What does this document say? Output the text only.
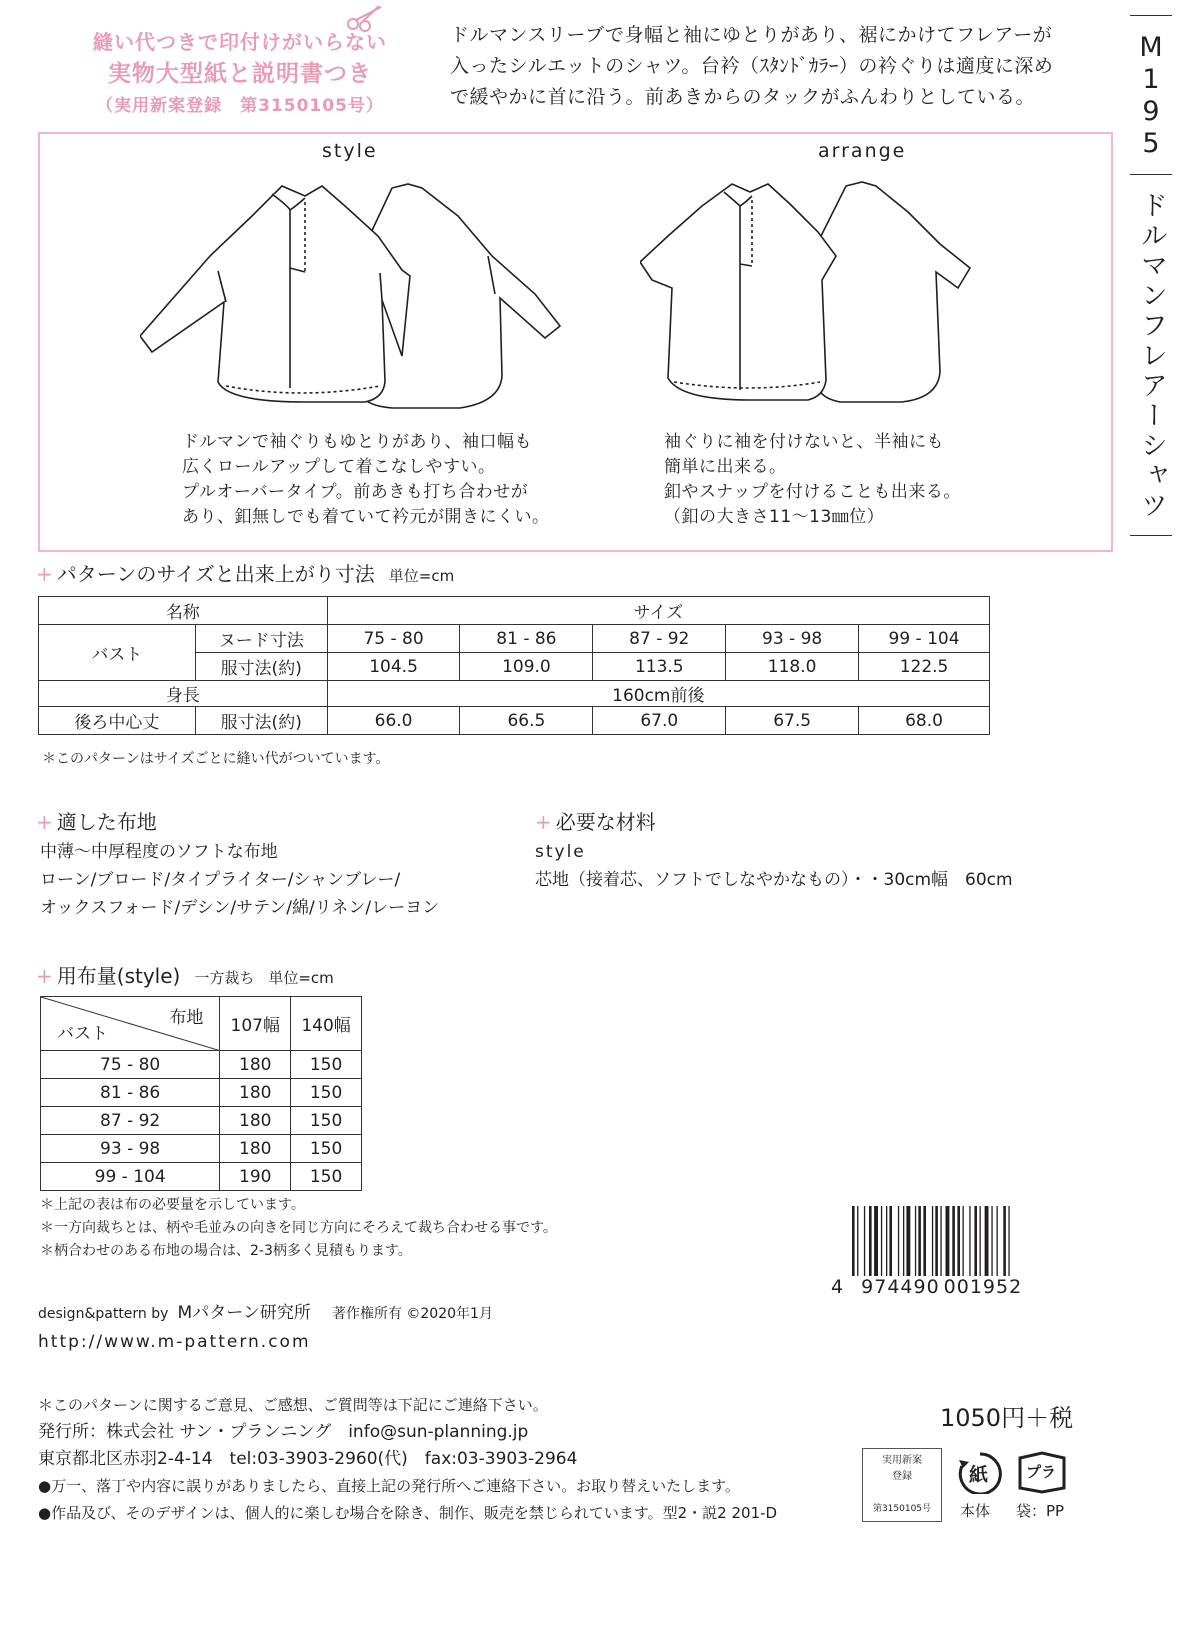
縫い代つきで印付けがいらない
実物大型紙と説明書つき
（実用新案登録　第3150105号）
ドルマンスリーブで身幅と袖にゆとりがあり、裾にかけてフレアーが
入ったシルエットのシャツ。台衿（ｽﾀﾝﾄﾞｶﾗｰ）の衿ぐりは適度に深め
で緩やかに首に沿う。前あきからのタックがふんわりとしている。
M
1
9
5
ドルマンフレアーシャツ
style	arrange
ドルマンで袖ぐりもゆとりがあり、袖口幅も
広くロールアップして着こなしやすい。
プルオーバータイプ。前あきも打ち合わせが
あり、釦無しでも着ていて衿元が開きにくい。
袖ぐりに袖を付けないと、半袖にも
簡単に出来る。
釦やスナップを付けることも出来る。
（釦の大きさ11～13㎜位）
+ パターンのサイズと出来上がり寸法 単位=cm
名称		サイズ				
バスト	ヌード寸法	75 - 80	81 - 86	87 - 92	93 - 98	99 - 104
	服寸法(約)	104.5	109.0	113.5	118.0	122.5
身長		160cm前後				
後ろ中心丈	服寸法(約)	66.0	66.5	67.0	67.5	68.0
＊このパターンはサイズごとに縫い代がついています。
+ 適した布地
中薄～中厚程度のソフトな布地
ローン/ブロード/タイプライター/シャンブレー/
オックスフォード/デシン/サテン/綿/リネン/レーヨン
+ 必要な材料
style
芯地（接着芯、ソフトでしなやかなもの）・・30cm幅　60cm
+ 用布量(style) 一方裁ち 単位=cm
布地
バスト	107幅	140幅
75 - 80	180	150
81 - 86	180	150
87 - 92	180	150
93 - 98	180	150
99 - 104	190	150
＊上記の表は布の必要量を示しています。
＊一方向裁ちとは、柄や毛並みの向きを同じ方向にそろえて裁ち合わせる事です。
＊柄合わせのある布地の場合は、2-3柄多く見積もります。
design&pattern by Mパターン研究所 著作権所有 ©2020年1月
http://www.m-pattern.com
4 974490 001952
1050円＋税
＊このパターンに関するご意見、ご感想、ご質問等は下記にご連絡下さい。
発行所：株式会社 サン・プランニング　info@sun-planning.jp
東京都北区赤羽2-4-14　tel:03-3903-2960(代)　fax:03-3903-2964
●万一、落丁や内容に誤りがありましたら、直接上記の発行所へご連絡下さい。お取り替えいたします。
●作品及び、そのデザインは、個人的に楽しむ場合を除き、制作、販売を禁じられています。型2・説2 201-D
実用新案
登録
第3150105号
紙
本体
プラ
袋：PP
